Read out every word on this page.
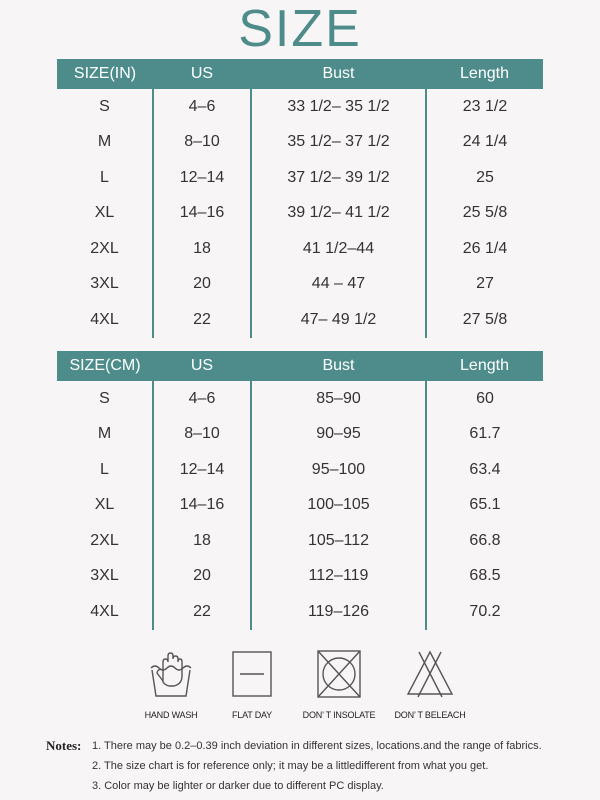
SIZE
SIZE(IN)	US	Bust	Length
S	4–6	33 1/2– 35 1/2	23 1/2
M	8–10	35 1/2– 37 1/2	24 1/4
L	12–14	37 1/2– 39 1/2	25
XL	14–16	39 1/2– 41 1/2	25 5/8
2XL	18	41 1/2–44	26 1/4
3XL	20	44 – 47	27
4XL	22	47– 49 1/2	27 5/8
SIZE(CM)	US	Bust	Length
S	4–6	85–90	60
M	8–10	90–95	61.7
L	12–14	95–100	63.4
XL	14–16	100–105	65.1
2XL	18	105–112	66.8
3XL	20	112–119	68.5
4XL	22	119–126	70.2
HAND WASH	FLAT DAY	DON’ T INSOLATE	DON’ T BELEACH
Notes: 1. There may be 0.2–0.39 inch deviation in different sizes, locations.and the range of fabrics.
2. The size chart is for reference only; it may be a littledifferent from what you get.
3. Color may be lighter or darker due to different PC display.
